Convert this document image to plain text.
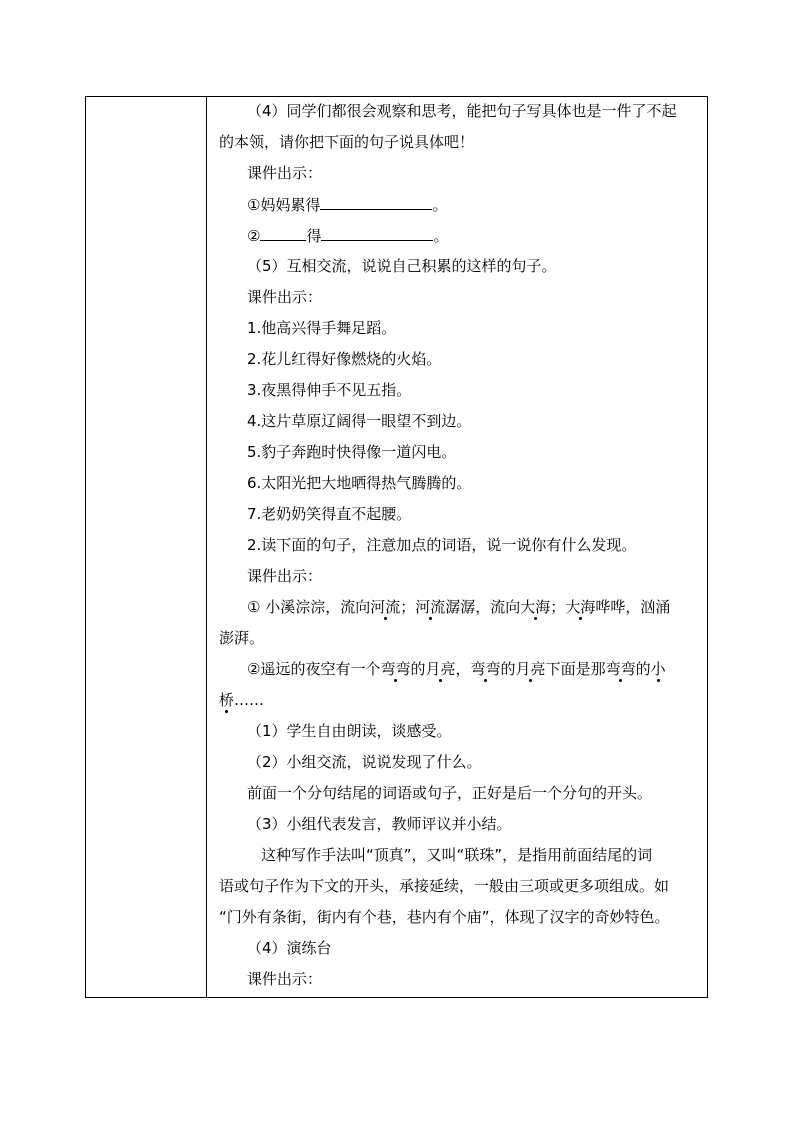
（4）同学们都很会观察和思考，能把句子写具体也是一件了不起
的本领，请你把下面的句子说具体吧！
课件出示：
①妈妈累得	。
②	得	。
（5）互相交流，说说自己积累的这样的句子。
课件出示：
1.他高兴得手舞足蹈。
2.花儿红得好像燃烧的火焰。
3.夜黑得伸手不见五指。
4.这片草原辽阔得一眼望不到边。
5.豹子奔跑时快得像一道闪电。
6.太阳光把大地晒得热气腾腾的。
7.老奶奶笑得直不起腰。
2.读下面的句子，注意加点的词语，说一说你有什么发现。
课件出示：
① 小溪淙淙，流向河流；河流潺潺，流向大海；大海哗哗，汹涌
澎湃。
②遥远的夜空有一个弯弯的月亮，弯弯的月亮下面是那弯弯的小
桥……
（1）学生自由朗读，谈感受。
（2）小组交流，说说发现了什么。
前面一个分句结尾的词语或句子，正好是后一个分句的开头。
（3）小组代表发言，教师评议并小结。
这种写作手法叫“顶真”，又叫“联珠”，是指用前面结尾的词
语或句子作为下文的开头，承接延续，一般由三项或更多项组成。如
“门外有条街，街内有个巷，巷内有个庙”，体现了汉字的奇妙特色。
（4）演练台
课件出示：
